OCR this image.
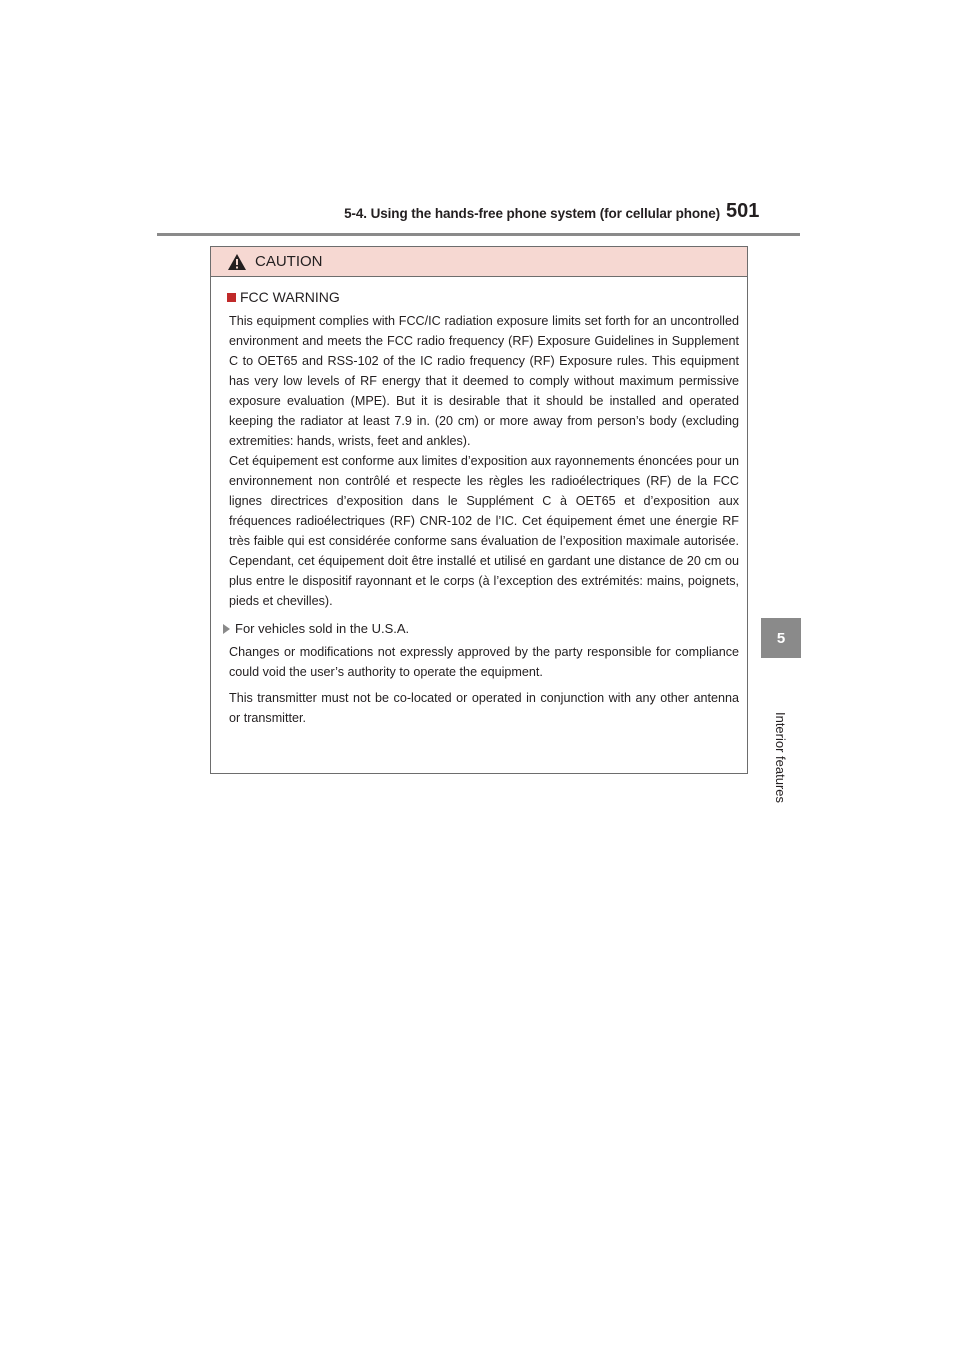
5-4. Using the hands-free phone system (for cellular phone) 501
5
Interior features
CAUTION
FCC WARNING

This equipment complies with FCC/IC radiation exposure limits set forth for an uncontrolled environment and meets the FCC radio frequency (RF) Exposure Guidelines in Supplement C to OET65 and RSS-102 of the IC radio frequency (RF) Exposure rules. This equipment has very low levels of RF energy that it deemed to comply without maximum permissive exposure evaluation (MPE). But it is desirable that it should be installed and operated keeping the radiator at least 7.9 in. (20 cm) or more away from person’s body (excluding extremities: hands, wrists, feet and ankles).

Cet équipement est conforme aux limites d’exposition aux rayonnements énoncées pour un environnement non contrôlé et respecte les règles les radioélectriques (RF) de la FCC lignes directrices d’exposition dans le Supplément C à OET65 et d’exposition aux fréquences radioélectriques (RF) CNR-102 de l’IC. Cet équipement émet une énergie RF très faible qui est considérée conforme sans évaluation de l’exposition maximale autorisée. Cependant, cet équipement doit être installé et utilisé en gardant une distance de 20 cm ou plus entre le dispositif rayonnant et le corps (à l’exception des extrémités: mains, poignets, pieds et chevilles).

For vehicles sold in the U.S.A.

Changes or modifications not expressly approved by the party responsible for compliance could void the user’s authority to operate the equipment.

This transmitter must not be co-located or operated in conjunction with any other antenna or transmitter.
